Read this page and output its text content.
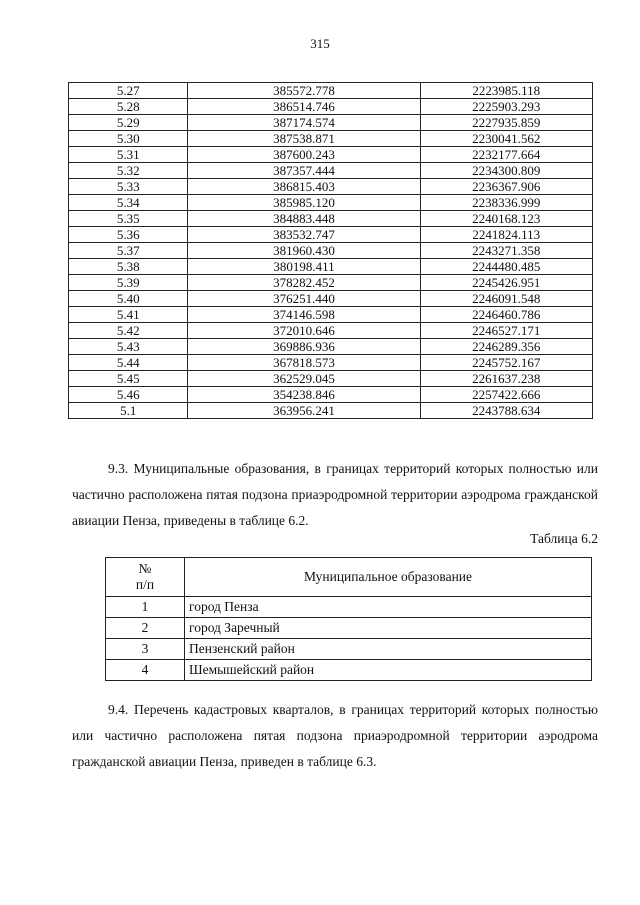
315
5.27	385572.778	2223985.118
5.28	386514.746	2225903.293
5.29	387174.574	2227935.859
5.30	387538.871	2230041.562
5.31	387600.243	2232177.664
5.32	387357.444	2234300.809
5.33	386815.403	2236367.906
5.34	385985.120	2238336.999
5.35	384883.448	2240168.123
5.36	383532.747	2241824.113
5.37	381960.430	2243271.358
5.38	380198.411	2244480.485
5.39	378282.452	2245426.951
5.40	376251.440	2246091.548
5.41	374146.598	2246460.786
5.42	372010.646	2246527.171
5.43	369886.936	2246289.356
5.44	367818.573	2245752.167
5.45	362529.045	2261637.238
5.46	354238.846	2257422.666
5.1	363956.241	2243788.634
9.3. Муниципальные образования, в границах территорий которых полностью или частично расположена пятая подзона приаэродромной территории аэродрома гражданской авиации Пенза, приведены в таблице 6.2.
Таблица 6.2
№
п/п	Муниципальное образование
1	город Пенза
2	город Заречный
3	Пензенский район
4	Шемышейский район
9.4. Перечень кадастровых кварталов, в границах территорий которых полностью или частично расположена пятая подзона приаэродромной территории аэродрома гражданской авиации Пенза, приведен в таблице 6.3.
